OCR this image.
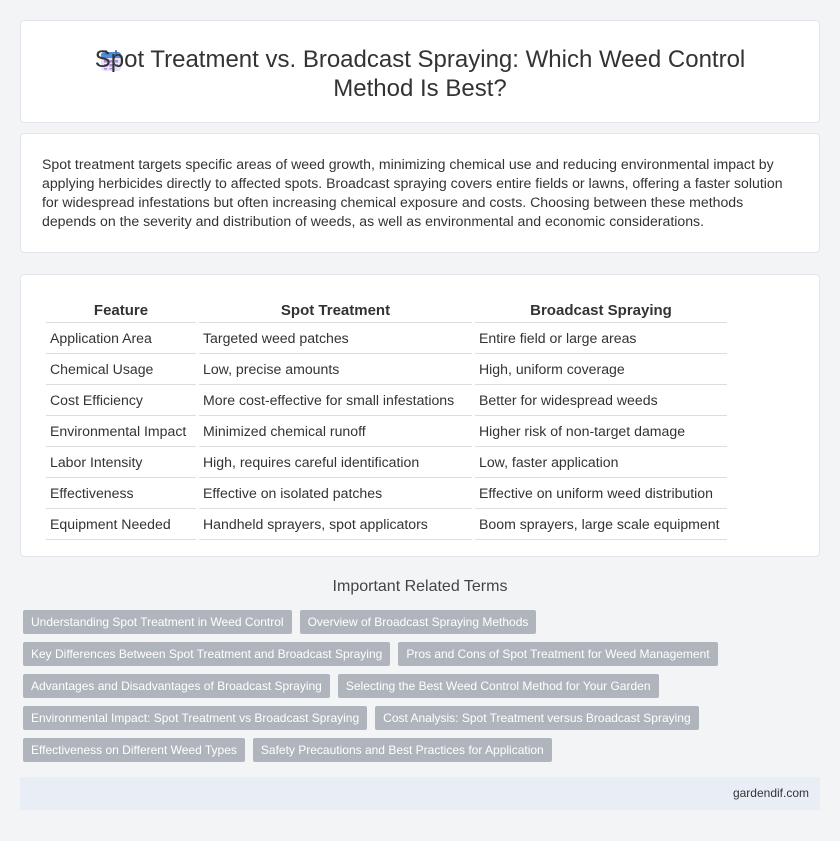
Spot Treatment vs. Broadcast Spraying: Which Weed Control Method Is Best?

Spot treatment targets specific areas of weed growth, minimizing chemical use and reducing environmental impact by applying herbicides directly to affected spots. Broadcast spraying covers entire fields or lawns, offering a faster solution for widespread infestations but often increasing chemical exposure and costs. Choosing between these methods depends on the severity and distribution of weeds, as well as environmental and economic considerations.

Feature	Spot Treatment	Broadcast Spraying
Application Area	Targeted weed patches	Entire field or large areas
Chemical Usage	Low, precise amounts	High, uniform coverage
Cost Efficiency	More cost-effective for small infestations	Better for widespread weeds
Environmental Impact	Minimized chemical runoff	Higher risk of non-target damage
Labor Intensity	High, requires careful identification	Low, faster application
Effectiveness	Effective on isolated patches	Effective on uniform weed distribution
Equipment Needed	Handheld sprayers, spot applicators	Boom sprayers, large scale equipment
Important Related Terms
Understanding Spot Treatment in Weed Control	Overview of Broadcast Spraying Methods
Key Differences Between Spot Treatment and Broadcast Spraying	Pros and Cons of Spot Treatment for Weed Management
Advantages and Disadvantages of Broadcast Spraying	Selecting the Best Weed Control Method for Your Garden
Environmental Impact: Spot Treatment vs Broadcast Spraying	Cost Analysis: Spot Treatment versus Broadcast Spraying
Effectiveness on Different Weed Types	Safety Precautions and Best Practices for Application
gardendif.com
